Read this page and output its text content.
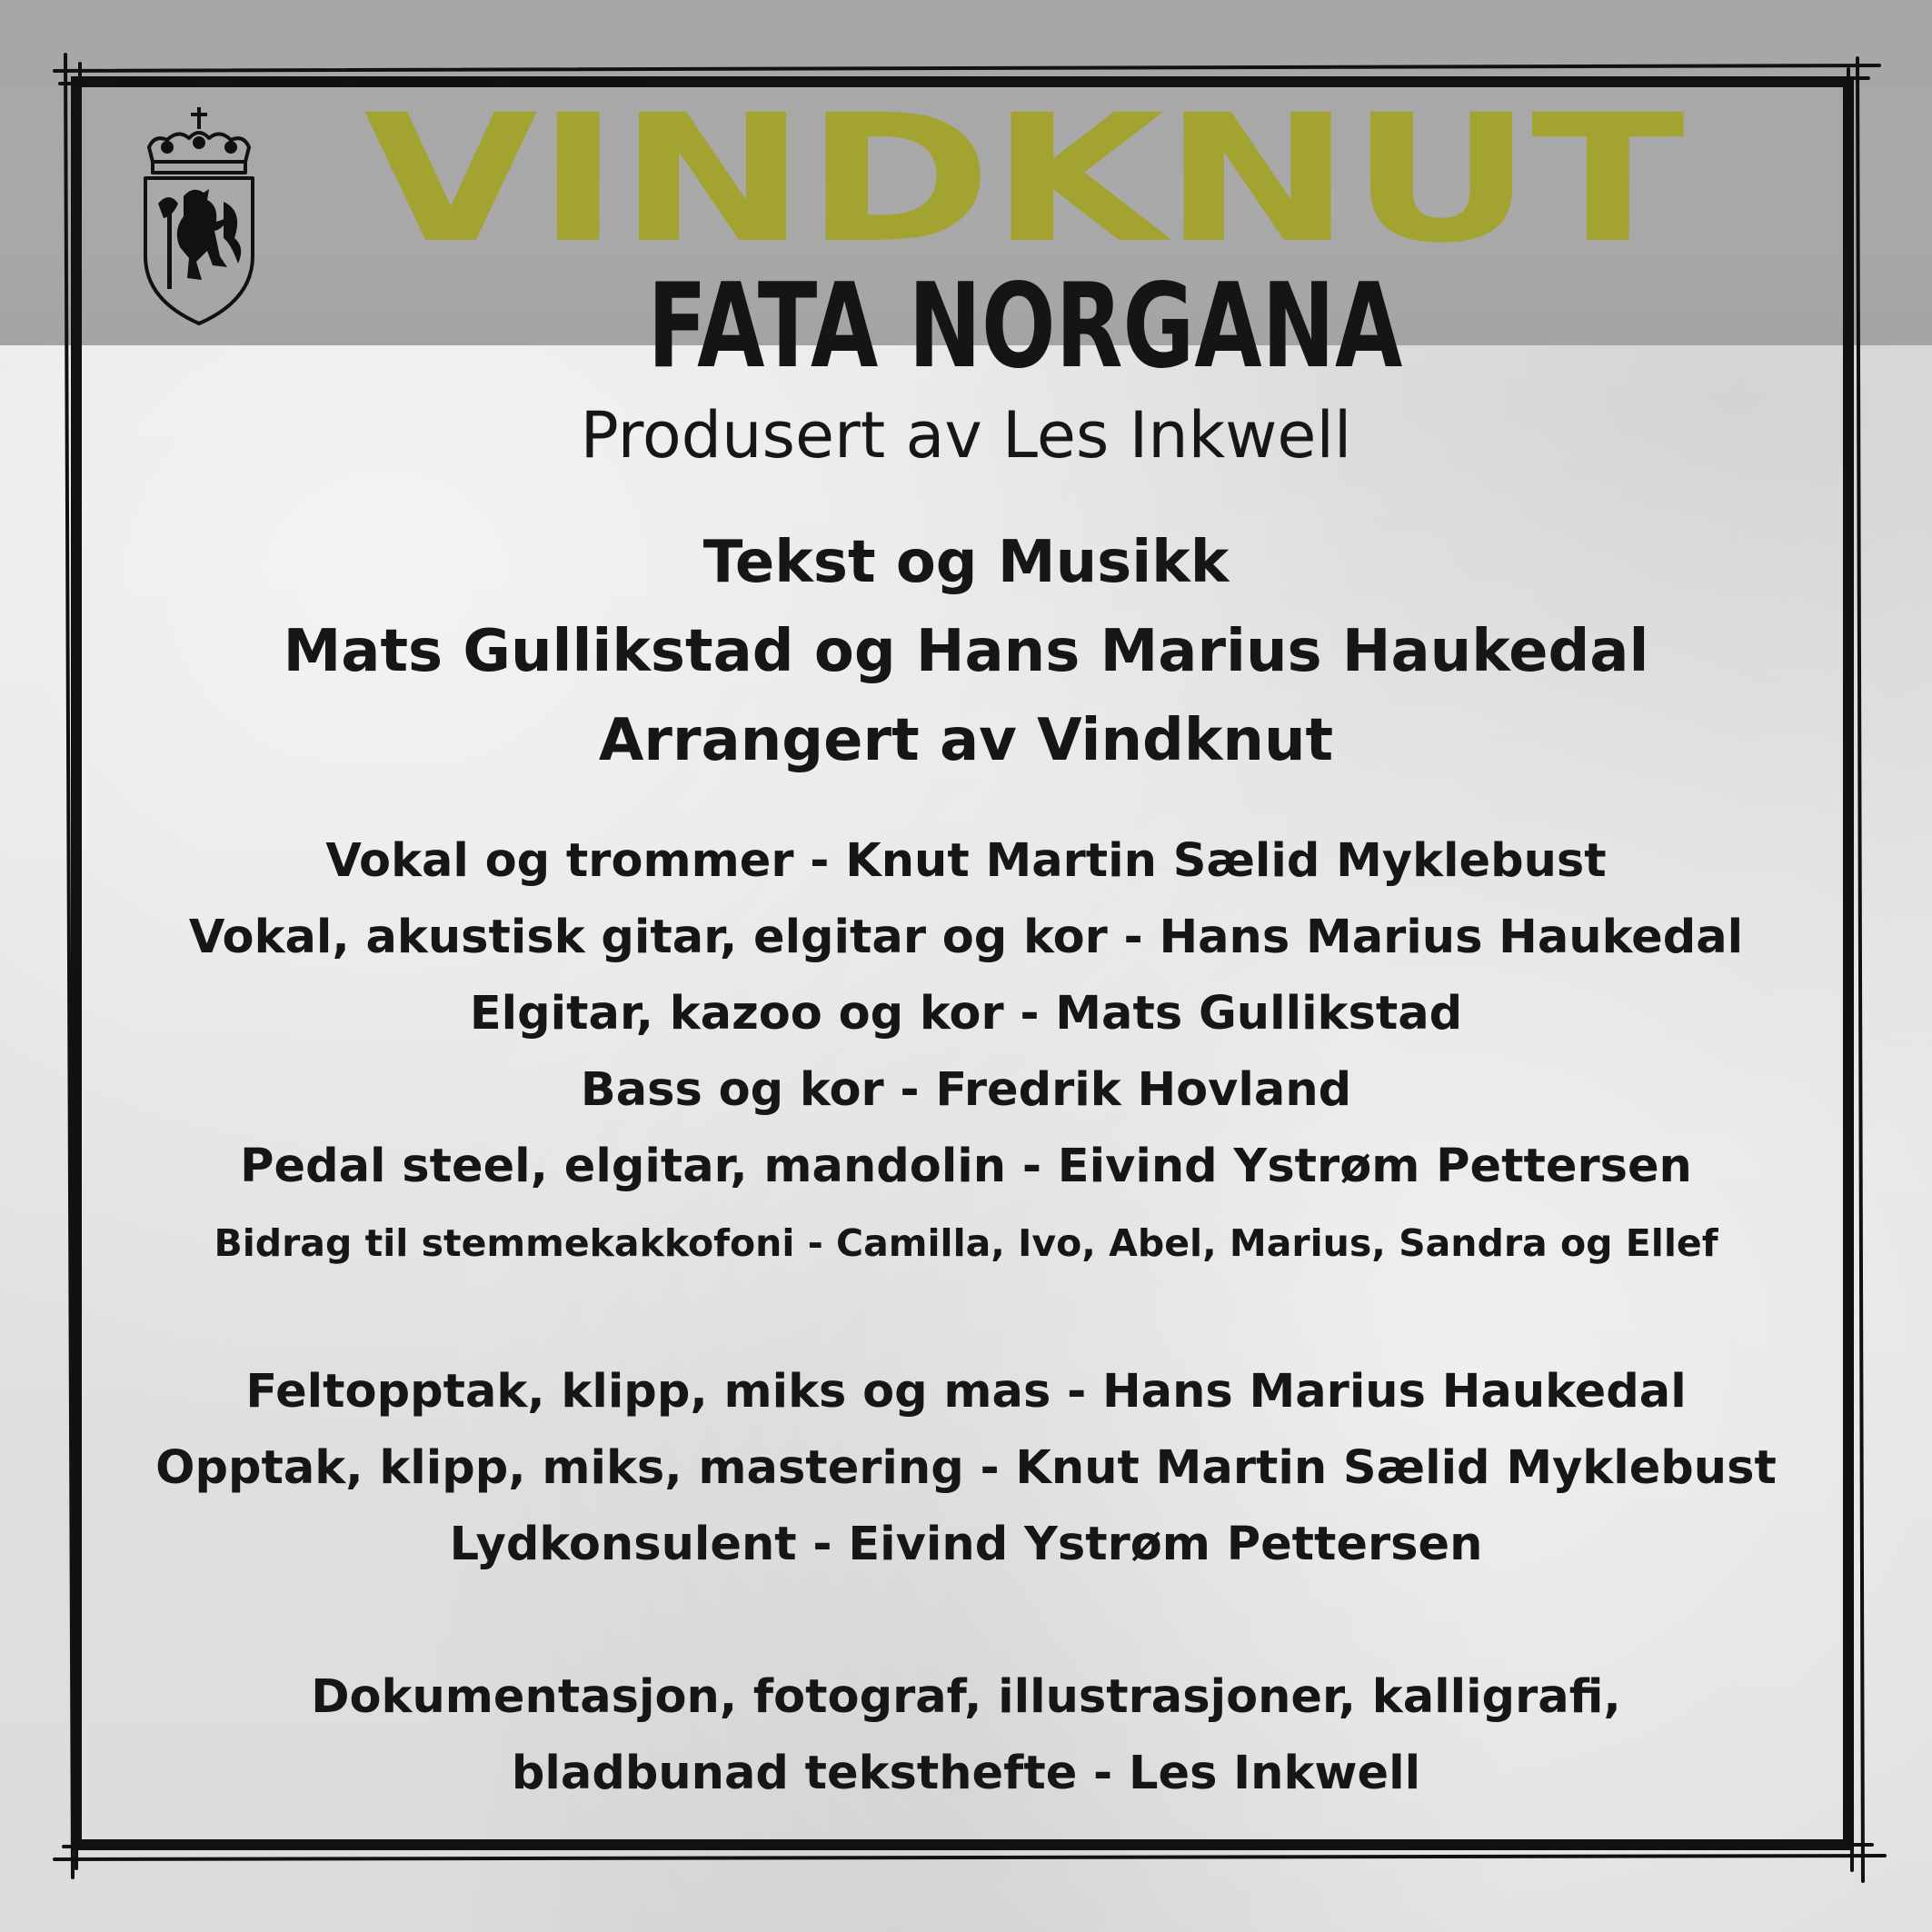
VINDKNUT
FATA NORGANA
Produsert av Les Inkwell
Tekst og Musikk
Mats Gullikstad og Hans Marius Haukedal
Arrangert av Vindknut
Vokal og trommer - Knut Martin Sælid Myklebust
Vokal, akustisk gitar, elgitar og kor - Hans Marius Haukedal
Elgitar, kazoo og kor - Mats Gullikstad
Bass og kor - Fredrik Hovland
Pedal steel, elgitar, mandolin - Eivind Ystrøm Pettersen
Bidrag til stemmekakkofoni - Camilla, Ivo, Abel, Marius, Sandra og Ellef
Feltopptak, klipp, miks og mas - Hans Marius Haukedal
Opptak, klipp, miks, mastering - Knut Martin Sælid Myklebust
Lydkonsulent - Eivind Ystrøm Pettersen
Dokumentasjon, fotograf, illustrasjoner, kalligrafi,
bladbunad teksthefte - Les Inkwell
